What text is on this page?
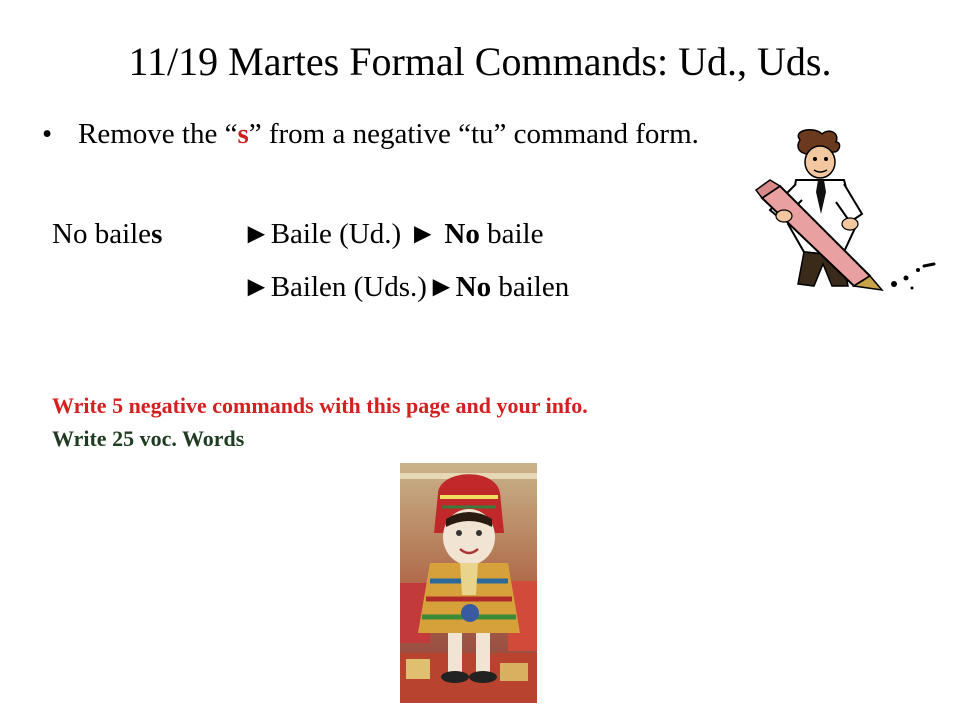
11/19 Martes Formal Commands: Ud., Uds.
• Remove the “s” from a negative “tu” command form.
No bailes	►Baile (Ud.) ► No baile
►Bailen (Uds.)►No bailen
Write 5 negative commands with this page and your info.
Write 25 voc. Words
